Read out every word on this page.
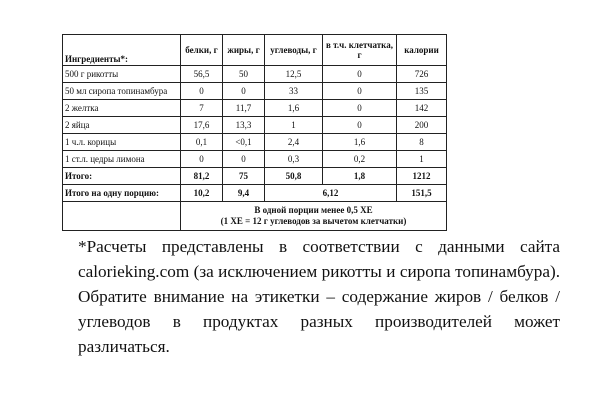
Ингредиенты*:	белки, г	жиры, г	углеводы, г	в т.ч. клетчатка, г	калории
500 г рикотты	56,5	50	12,5	0	726
50 мл сиропа топинамбура	0	0	33	0	135
2 желтка	7	11,7	1,6	0	142
2 яйца	17,6	13,3	1	0	200
1 ч.л. корицы	0,1	<0,1	2,4	1,6	8
1 ст.л. цедры лимона	0	0	0,3	0,2	1
Итого:	81,2	75	50,8	1,8	1212
Итого на одну порцию:	10,2	9,4	6,12		151,5

	В одной порции менее 0,5 ХЕ
(1 ХЕ = 12 г углеводов за вычетом клетчатки)				

*Расчеты представлены в соответствии с данными сайта calorieking.com (за исключением рикотты и сиропа топинамбура). Обратите внимание на этикетки – содержание жиров / белков / углеводов в продуктах разных производителей может различаться.
